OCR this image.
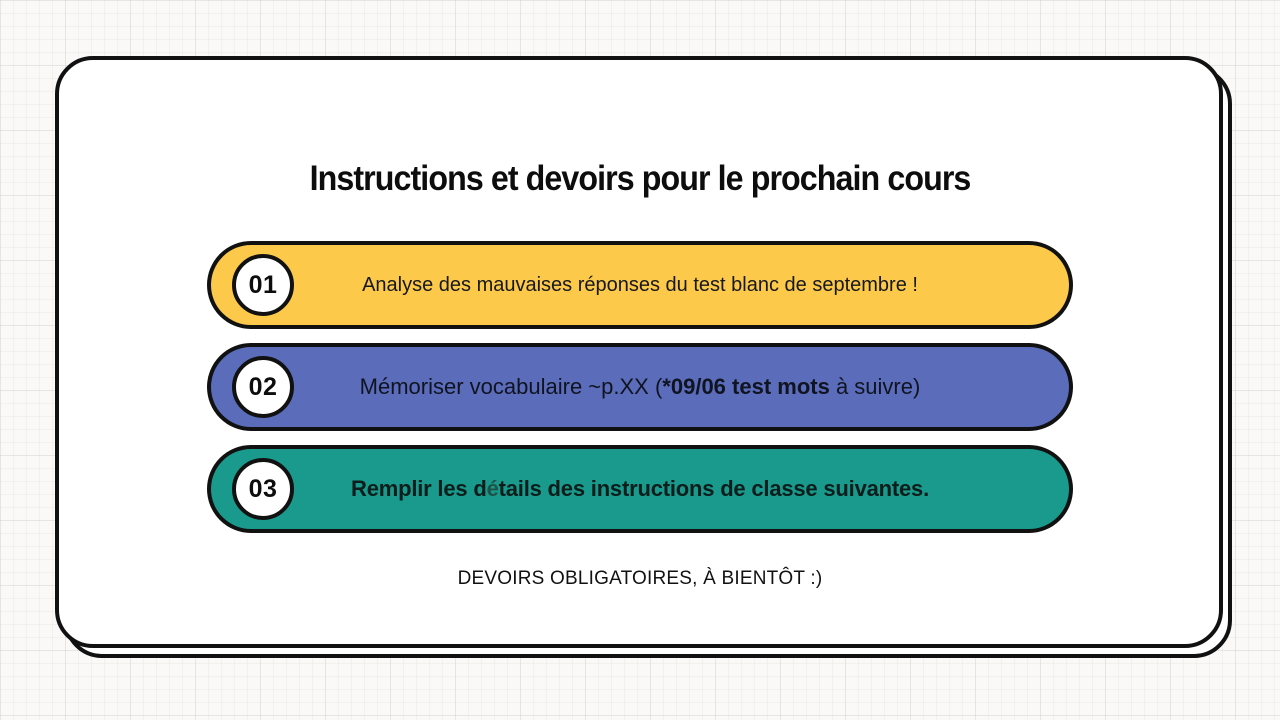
Instructions et devoirs pour le prochain cours
01	Analyse des mauvaises réponses du test blanc de septembre !
02	Mémoriser vocabulaire ~p.XX (*09/06 test mots à suivre)
03	Remplir les détails des instructions de classe suivantes.
DEVOIRS OBLIGATOIRES, À BIENTÔT :)
